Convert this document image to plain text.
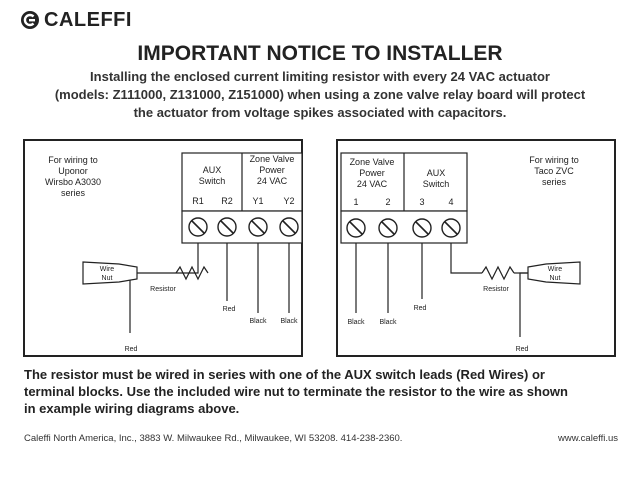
CALEFFI
IMPORTANT NOTICE TO INSTALLER
Installing the enclosed current limiting resistor with every 24 VAC actuator
(models: Z111000, Z131000, Z151000) when using a zone valve relay board will protect
the actuator from voltage spikes associated with capacitors.
For wiring to
Uponor
Wirsbo A3030
series
AUX
Switch
Zone Valve
Power
24 VAC
R1 R2 Y1 Y2
Wire
Nut
Resistor
Red
Black Black
Red
For wiring to
Taco ZVC
series
Zone Valve
Power
24 VAC
AUX
Switch
1	2	3	4
Wire
Nut
Resistor
Black Black
Red
Red
The resistor must be wired in series with one of the AUX switch leads (Red Wires) or
terminal blocks. Use the included wire nut to terminate the resistor to the wire as shown
in example wiring diagrams above.
Caleffi North America, Inc., 3883 W. Milwaukee Rd., Milwaukee, WI 53208. 414-238-2360.	www.caleffi.us
